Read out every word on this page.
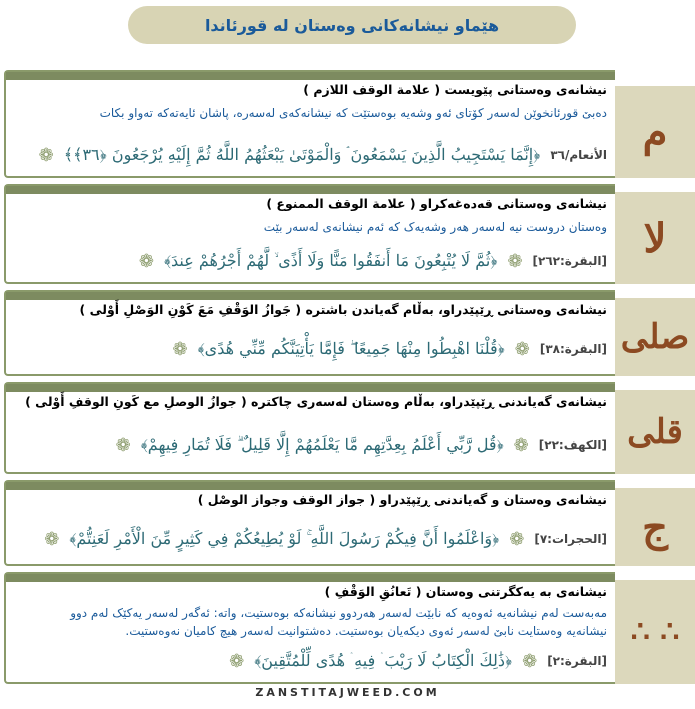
هێماو نیشانەکانی وەستان لە قورئاندا
نیشانەی وەستانی پێویست ( علامة الوقف اللازم )
دەبێ قورئانخوێن لەسەر کۆتای ئەو وشەیە بوەستێت کە نیشانەکەی لەسەرە، پاشان ئایەتەکە تەواو بکات
❁ ﴿إِنَّمَا يَسْتَجِيبُ الَّذِينَ يَسْمَعُونَ ۘ وَالْمَوْتَىٰ يَبْعَثُهُمُ اللَّهُ ثُمَّ إِلَيْهِ يُرْجَعُونَ ﴿٣٦﴾﴾ الأنعام/٣٦ م
نیشانەی وەستانی قەدەغەکراو ( علامة الوقف الممنوع )
وەستان دروست نیە لەسەر هەر وشەیەک کە ئەم نیشانەی لەسەر بێت
❁ ﴿ثُمَّ لَا يُتْبِعُونَ مَا أَنفَقُوا مَنًّا وَلَا أَذًى ۙ لَّهُمْ أَجْرُهُمْ عِندَ﴾ ❁ [البقرة:٢٦٢] لا
نیشانەی وەستانی ڕێپێدراو، بەڵام گەیاندن باشترە ( جَوازُ الوَقْفِ مَعَ كَوْنِ الوَصْلِ أَوْلى )
❁ ﴿قُلْنَا اهْبِطُوا مِنْهَا جَمِيعًا ۖ فَإِمَّا يَأْتِيَنَّكُم مِّنِّي هُدًى﴾ ❁ [البقرة:٣٨] صلى
نیشانەی گەیاندنی ڕێپێدراو، بەڵام وەستان لەسەری چاکترە ( جوازُ الوصلِ مع كَونِ الوقفِ أَوْلى )
❁ ﴿قُل رَّبِّي أَعْلَمُ بِعِدَّتِهِم مَّا يَعْلَمُهُمْ إِلَّا قَلِيلٌ ۗ فَلَا تُمَارِ فِيهِمْ﴾ ❁ [الكهف:٢٢] قلى
نیشانەی وەستان و گەیاندنی ڕێپێدراو ( جواز الوقف وجواز الوصْل )
❁ ﴿وَاعْلَمُوا أَنَّ فِيكُمْ رَسُولَ اللَّهِ ۚ لَوْ يُطِيعُكُمْ فِي كَثِيرٍ مِّنَ الْأَمْرِ لَعَنِتُّمْ﴾ ❁ [الحجرات:٧] ج
نیشانەی بە یەکگرتنی وەستان ( تَعانُقِ الوَقْفِ )
مەبەست لەم نیشانەیە ئەوەیە کە نابێت لەسەر هەردوو نیشانەکە بوەستیت، واتە: ئەگەر لەسەر یەکێک لەم دوو
نیشانەیە وەستایت نابێ لەسەر ئەوی دیکەیان بوەستیت. دەشتوانیت لەسەر هیچ کامیان نەوەستیت.
❁ ﴿ذَٰلِكَ الْكِتَابُ لَا رَيْبَ ۛ فِيهِ ۛ هُدًى لِّلْمُتَّقِينَ﴾ ❁ [البقرة:٢]
∴ ∴
ZANSTITAJWEED.COM
